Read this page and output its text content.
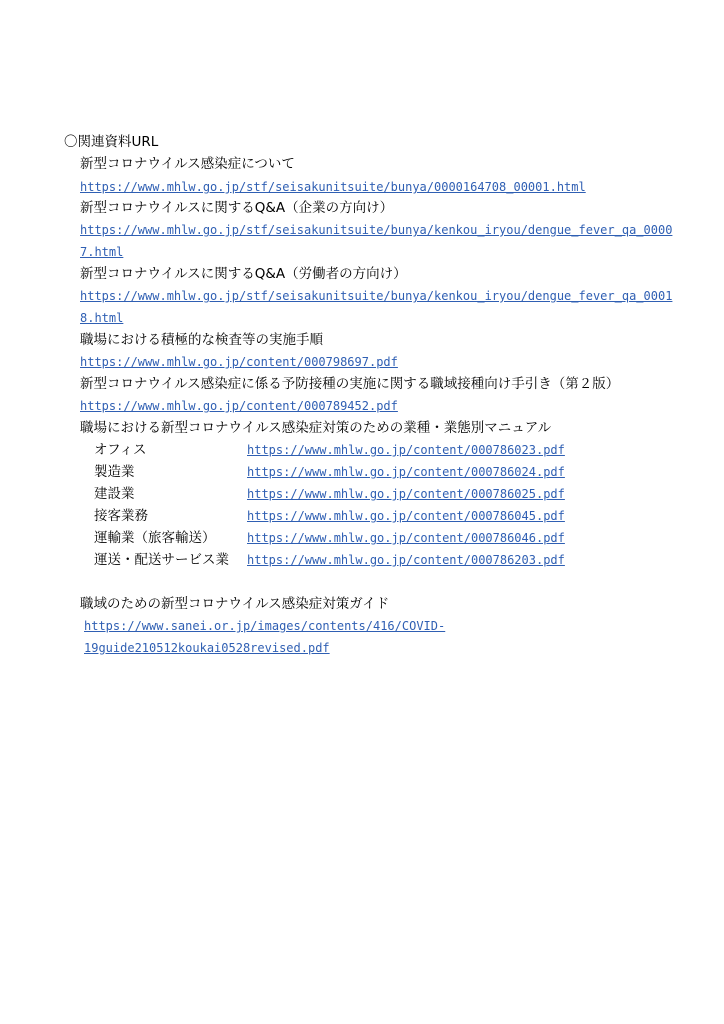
〇関連資料URL
新型コロナウイルス感染症について
https://www.mhlw.go.jp/stf/seisakunitsuite/bunya/0000164708_00001.html
新型コロナウイルスに関するQ&A（企業の方向け）
https://www.mhlw.go.jp/stf/seisakunitsuite/bunya/kenkou_iryou/dengue_fever_qa_0000
7.html
新型コロナウイルスに関するQ&A（労働者の方向け）
https://www.mhlw.go.jp/stf/seisakunitsuite/bunya/kenkou_iryou/dengue_fever_qa_0001
8.html
職場における積極的な検査等の実施手順
https://www.mhlw.go.jp/content/000798697.pdf
新型コロナウイルス感染症に係る予防接種の実施に関する職域接種向け手引き（第２版）
https://www.mhlw.go.jp/content/000789452.pdf
職場における新型コロナウイルス感染症対策のための業種・業態別マニュアル
オフィス	https://www.mhlw.go.jp/content/000786023.pdf
製造業	https://www.mhlw.go.jp/content/000786024.pdf
建設業	https://www.mhlw.go.jp/content/000786025.pdf
接客業務	https://www.mhlw.go.jp/content/000786045.pdf
運輸業（旅客輸送）	https://www.mhlw.go.jp/content/000786046.pdf
運送・配送サービス業 https://www.mhlw.go.jp/content/000786203.pdf
職域のための新型コロナウイルス感染症対策ガイド
https://www.sanei.or.jp/images/contents/416/COVID-
19guide210512koukai0528revised.pdf
